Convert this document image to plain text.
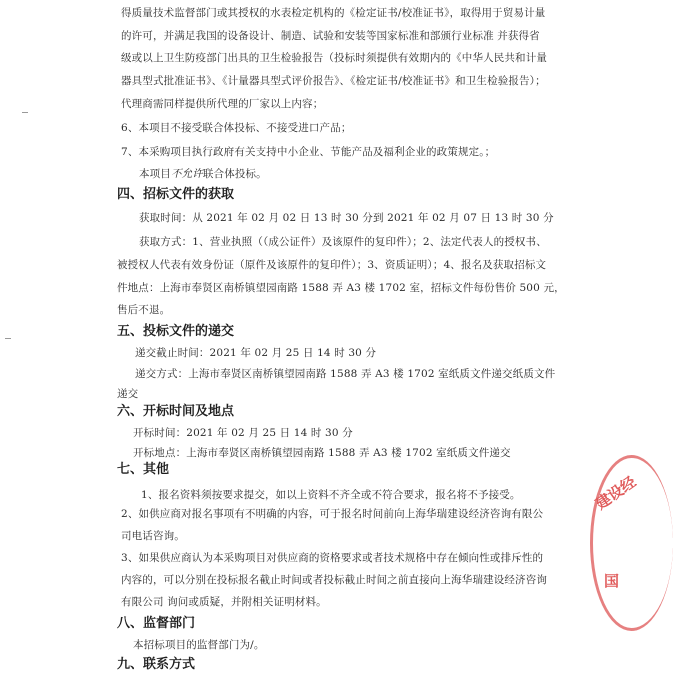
得质量技术监督部门或其授权的水表检定机构的《检定证书/校准证书》，取得用于贸易计量
的许可，并满足我国的设备设计、制造、试验和安装等国家标准和部颁行业标准 并获得省
级或以上卫生防疫部门出具的卫生检验报告（投标时须提供有效期内的《中华人民共和计量
器具型式批准证书》、《计量器具型式评价报告》、《检定证书/校准证书》和卫生检验报告）；
代理商需同样提供所代理的厂家以上内容；
6、本项目不接受联合体投标、不接受进口产品；
7、本采购项目执行政府有关支持中小企业、节能产品及福利企业的政策规定。；
本项目不允许联合体投标。
四、招标文件的获取
获取时间：从 2021 年 02 月 02 日 13 时 30 分到 2021 年 02 月 07 日 13 时 30 分
获取方式：1、营业执照（（成公证件）及该原件的复印件）；2、法定代表人的授权书、
被授权人代表有效身份证（原件及该原件的复印件）；3、资质证明）；4、报名及获取招标文
件地点：上海市奉贤区南桥镇望园南路 1588 弄 A3 楼 1702 室，招标文件每份售价 500 元，
售后不退。
五、投标文件的递交
递交截止时间：2021 年 02 月 25 日 14 时 30 分
递交方式：上海市奉贤区南桥镇望园南路 1588 弄 A3 楼 1702 室纸质文件递交纸质文件
递交
六、开标时间及地点
开标时间：2021 年 02 月 25 日 14 时 30 分
开标地点：上海市奉贤区南桥镇望园南路 1588 弄 A3 楼 1702 室纸质文件递交
七、其他
1、报名资料须按要求提交，如以上资料不齐全或不符合要求，报名将不予接受。
2、如供应商对报名事项有不明确的内容，可于报名时间前向上海华瑞建设经济咨询有限公
司电话咨询。
3、如果供应商认为本采购项目对供应商的资格要求或者技术规格中存在倾向性或排斥性的
内容的，可以分别在投标报名截止时间或者投标截止时间之前直接向上海华瑞建设经济咨询
有限公司 询问或质疑，并附相关证明材料。
八、监督部门
本招标项目的监督部门为/。
九、联系方式
建设经
国
